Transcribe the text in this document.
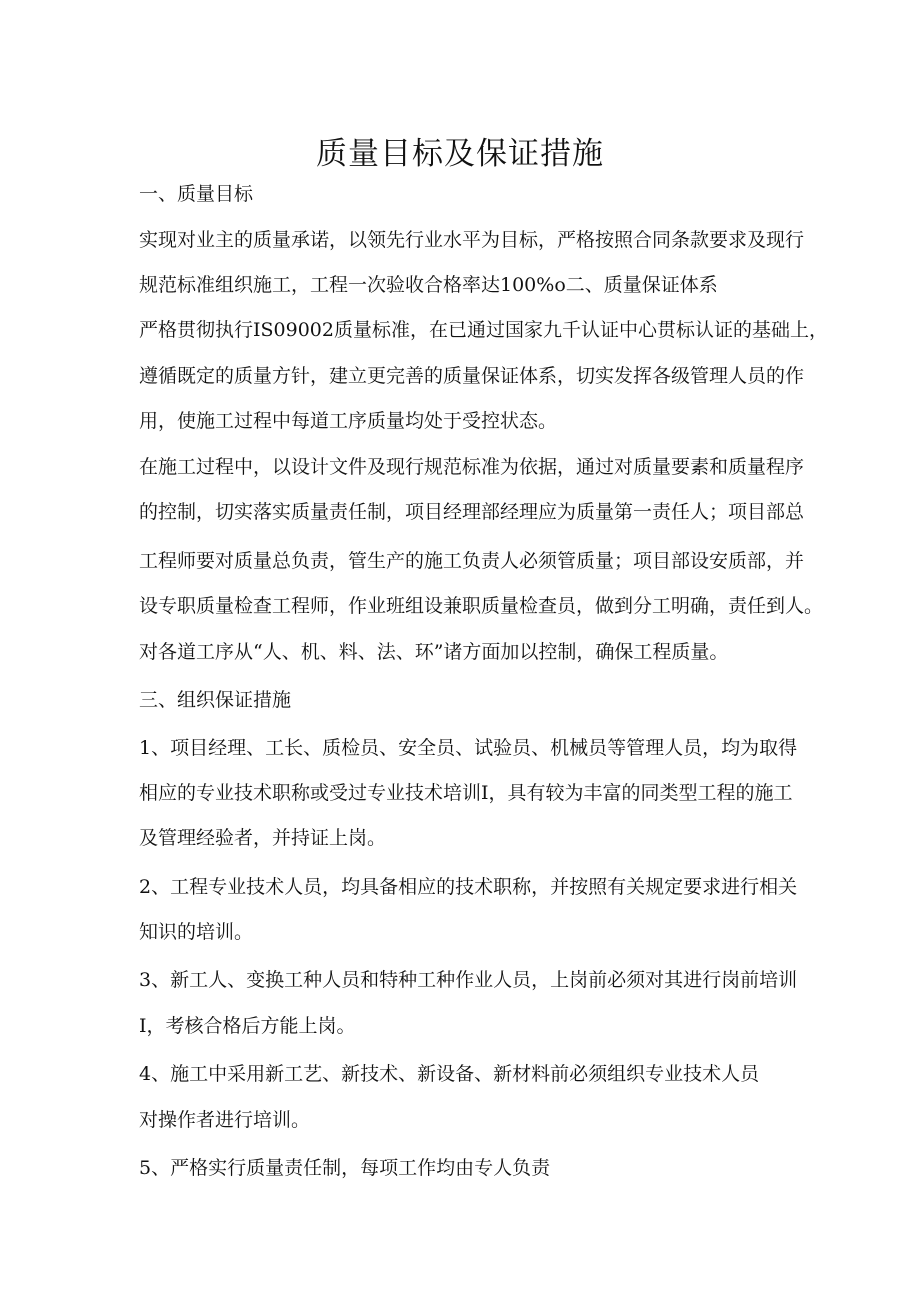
质量目标及保证措施
一、质量目标
实现对业主的质量承诺，以领先行业水平为目标，严格按照合同条款要求及现行
规范标准组织施工，工程一次验收合格率达100%o二、质量保证体系
严格贯彻执行IS09002质量标准，在已通过国家九千认证中心贯标认证的基础上，
遵循既定的质量方针，建立更完善的质量保证体系，切实发挥各级管理人员的作
用，使施工过程中每道工序质量均处于受控状态。
在施工过程中，以设计文件及现行规范标准为依据，通过对质量要素和质量程序
的控制，切实落实质量责任制，项目经理部经理应为质量第一责任人；项目部总
工程师要对质量总负责，管生产的施工负责人必须管质量；项目部设安质部，并
设专职质量检查工程师，作业班组设兼职质量检查员，做到分工明确，责任到人。
对各道工序从“人、机、料、法、环”诸方面加以控制，确保工程质量。
三、组织保证措施
1、项目经理、工长、质检员、安全员、试验员、机械员等管理人员，均为取得
相应的专业技术职称或受过专业技术培训I，具有较为丰富的同类型工程的施工
及管理经验者，并持证上岗。
2、工程专业技术人员，均具备相应的技术职称，并按照有关规定要求进行相关
知识的培训。
3、新工人、变换工种人员和特种工种作业人员，上岗前必须对其进行岗前培训
I，考核合格后方能上岗。
4、施工中采用新工艺、新技术、新设备、新材料前必须组织专业技术人员
对操作者进行培训。
5、严格实行质量责任制，每项工作均由专人负责
